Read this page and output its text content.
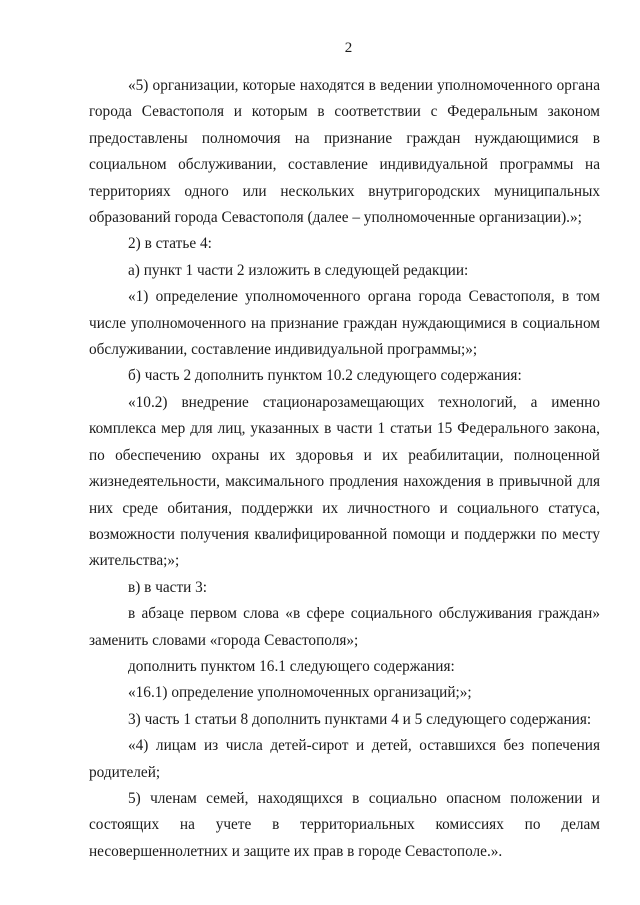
2

«5) организации, которые находятся в ведении уполномоченного органа города Севастополя и которым в соответствии с Федеральным законом предоставлены полномочия на признание граждан нуждающимися в социальном обслуживании, составление индивидуальной программы на территориях одного или нескольких внутригородских муниципальных образований города Севастополя (далее – уполномоченные организации).»;

2) в статье 4:

а) пункт 1 части 2 изложить в следующей редакции:

«1) определение уполномоченного органа города Севастополя, в том числе уполномоченного на признание граждан нуждающимися в социальном обслуживании, составление индивидуальной программы;»;

б) часть 2 дополнить пунктом 10.2 следующего содержания:

«10.2) внедрение стационарозамещающих технологий, а именно комплекса мер для лиц, указанных в части 1 статьи 15 Федерального закона, по обеспечению охраны их здоровья и их реабилитации, полноценной жизнедеятельности, максимального продления нахождения в привычной для них среде обитания, поддержки их личностного и социального статуса, возможности получения квалифицированной помощи и поддержки по месту жительства;»;

в) в части 3:

в абзаце первом слова «в сфере социального обслуживания граждан» заменить словами «города Севастополя»;

дополнить пунктом 16.1 следующего содержания:

«16.1) определение уполномоченных организаций;»;

3) часть 1 статьи 8 дополнить пунктами 4 и 5 следующего содержания:

«4) лицам из числа детей-сирот и детей, оставшихся без попечения родителей;

5) членам семей, находящихся в социально опасном положении и состоящих на учете в территориальных комиссиях по делам несовершеннолетних и защите их прав в городе Севастополе.».
